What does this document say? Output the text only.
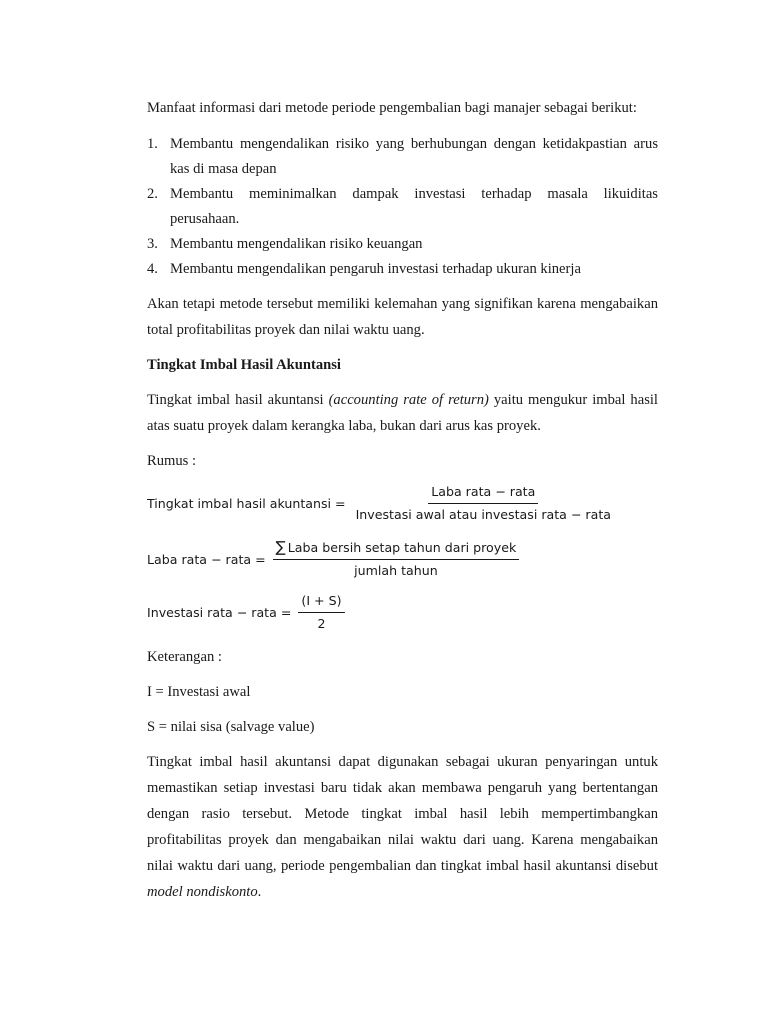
Manfaat informasi dari metode periode pengembalian bagi manajer sebagai berikut:

1. Membantu mengendalikan risiko yang berhubungan dengan ketidakpastian arus
kas di masa depan
2. Membantu meminimalkan dampak investasi terhadap masala likuiditas
perusahaan.
3. Membantu mengendalikan risiko keuangan
4. Membantu mengendalikan pengaruh investasi terhadap ukuran kinerja

Akan tetapi metode tersebut memiliki kelemahan yang signifikan karena mengabaikan total profitabilitas proyek dan nilai waktu uang.

Tingkat Imbal Hasil Akuntansi

Tingkat imbal hasil akuntansi (accounting rate of return) yaitu mengukur imbal hasil atas suatu proyek dalam kerangka laba, bukan dari arus kas proyek.

Rumus :

Tingkat imbal hasil akuntansi = $\frac{\text{Laba rata − rata}}{\text{Investasi awal atau investasi rata − rata}}$
Laba rata − rata = $\frac{\text{∑ Laba bersih setap tahun dari proyek}}{\text{jumlah tahun}}$
Investasi rata − rata = $\frac{(I + S)}{2}$

Keterangan :

I = Investasi awal

S = nilai sisa (salvage value)

Tingkat imbal hasil akuntansi dapat digunakan sebagai ukuran penyaringan untuk memastikan setiap investasi baru tidak akan membawa pengaruh yang bertentangan dengan rasio tersebut. Metode tingkat imbal hasil lebih mempertimbangkan profitabilitas proyek dan mengabaikan nilai waktu dari uang. Karena mengabaikan nilai waktu dari uang, periode pengembalian dan tingkat imbal hasil akuntansi disebut model nondiskonto.
